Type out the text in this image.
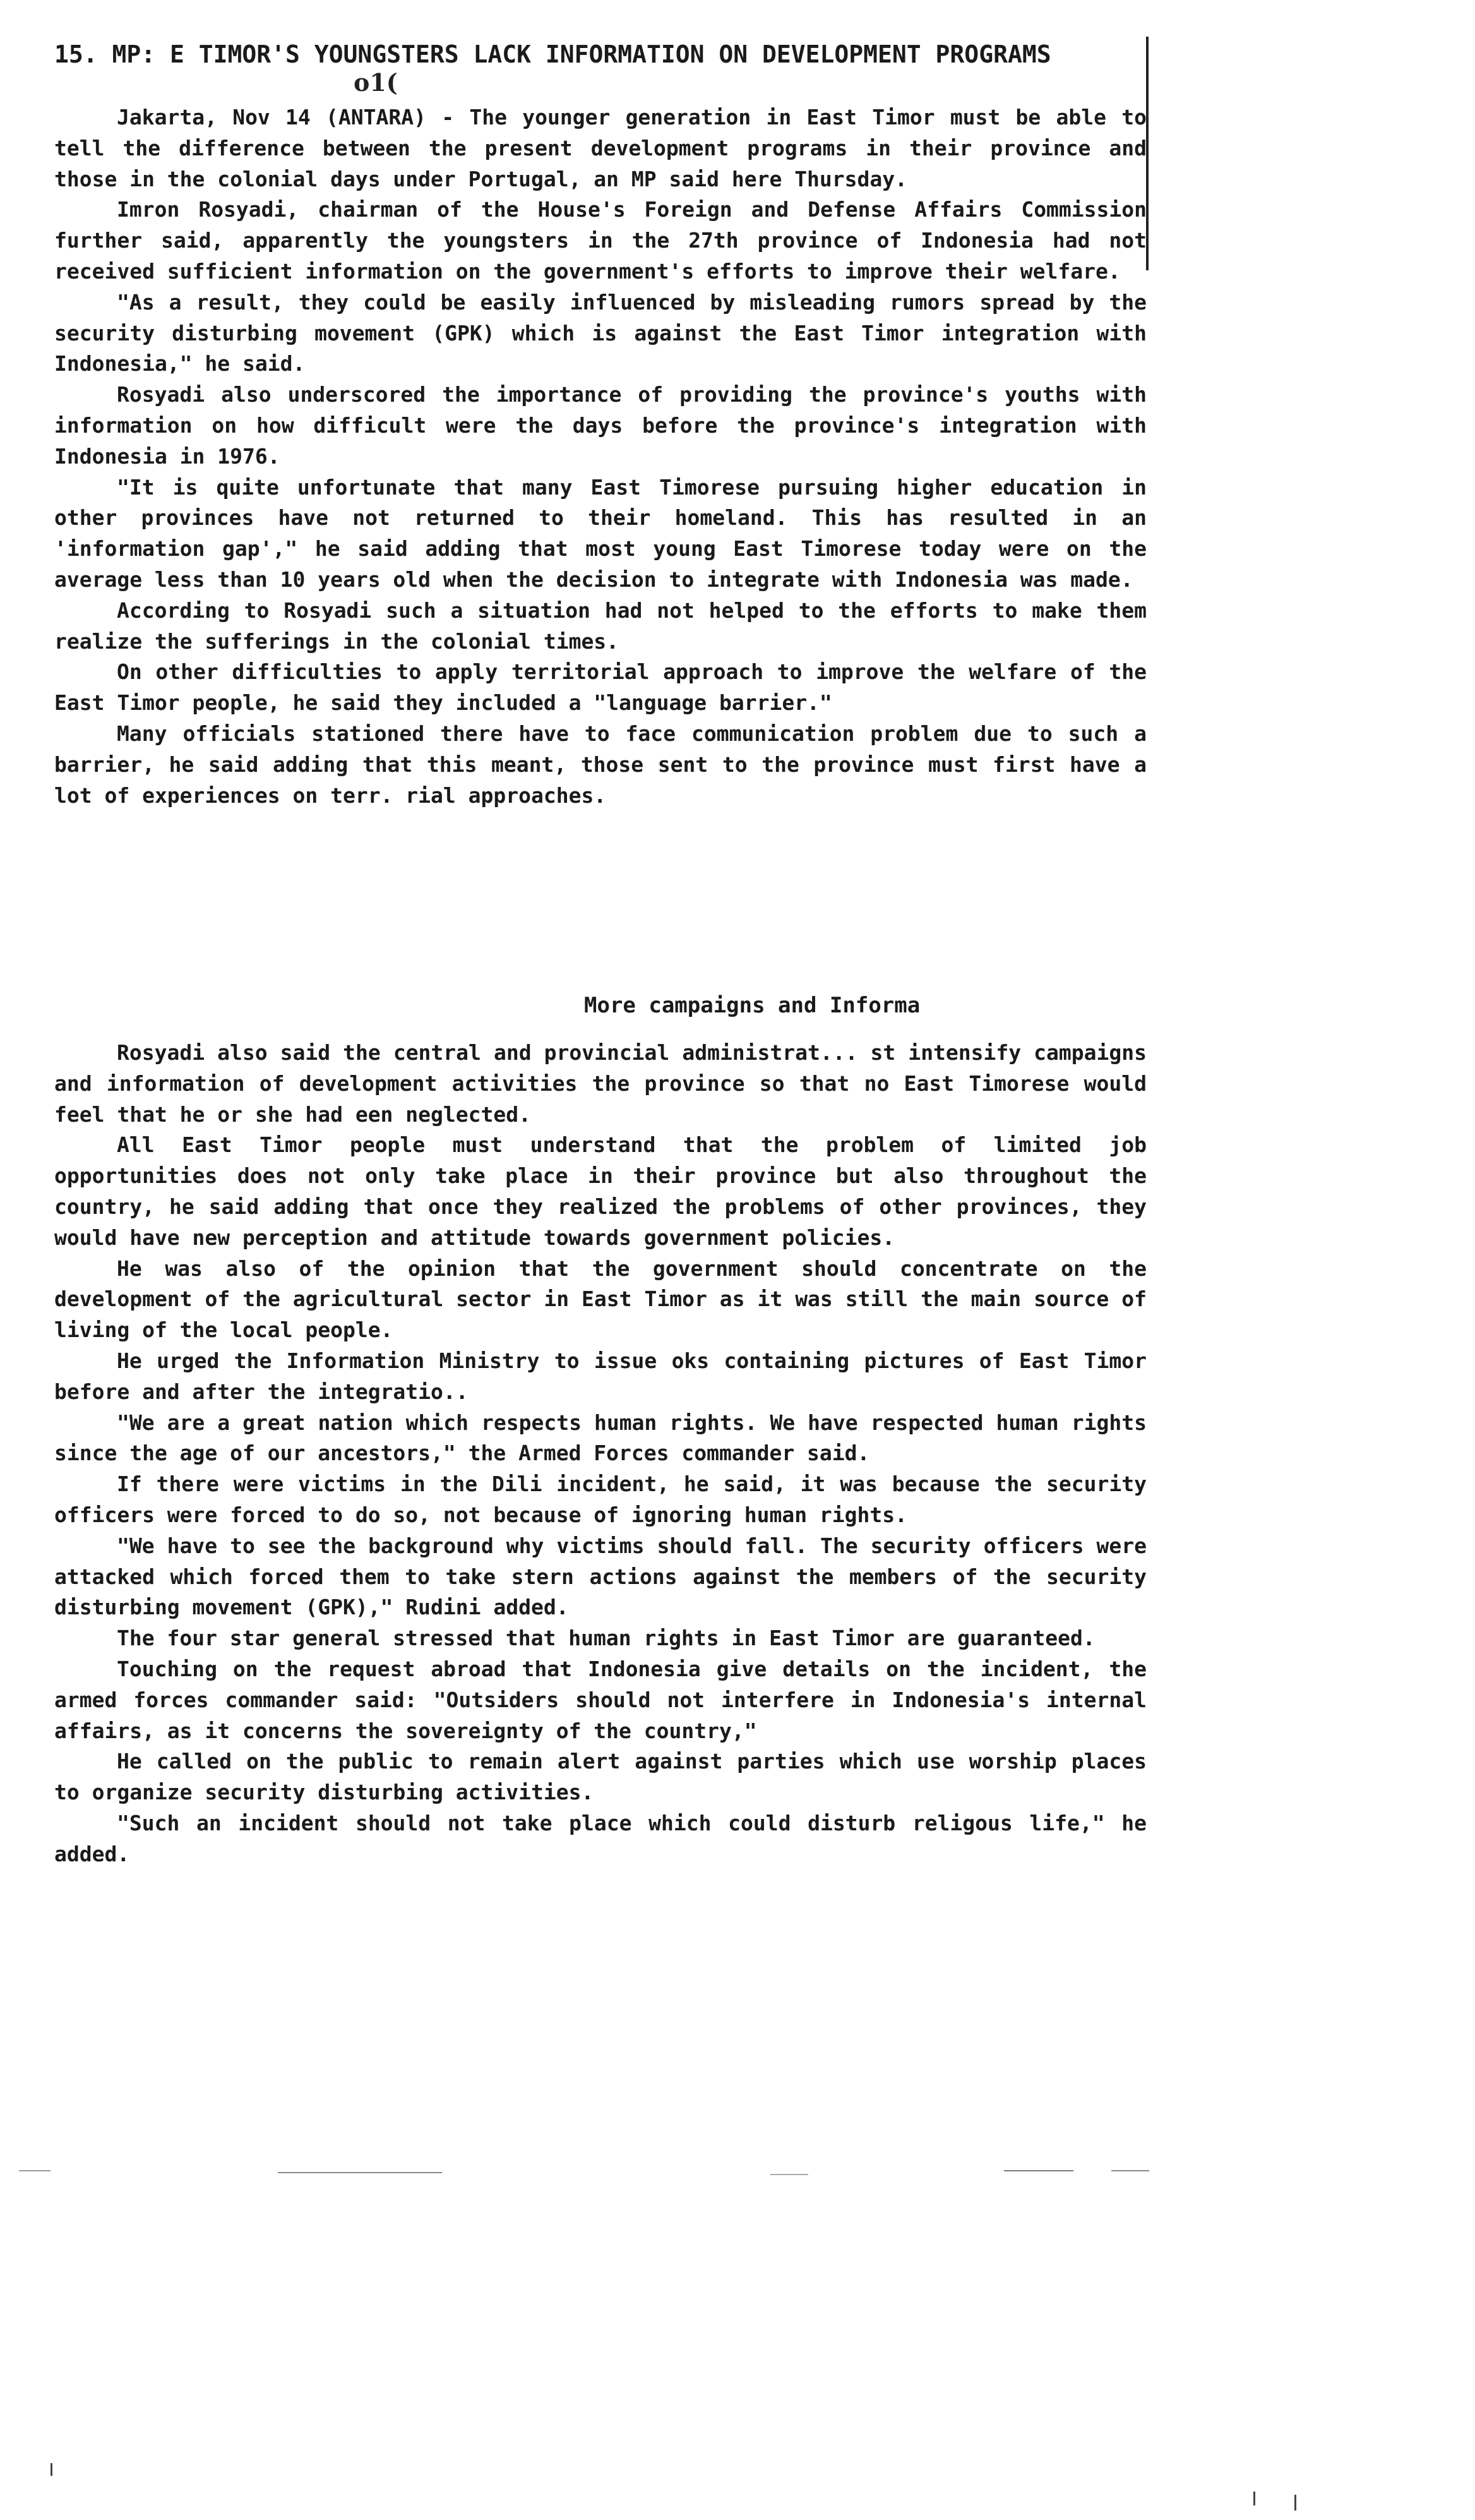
15. MP: E TIMOR'S YOUNGSTERS LACK INFORMATION ON DEVELOPMENT PROGRAMS
o1(

Jakarta, Nov 14 (ANTARA) - The younger generation in East Timor must be able to tell the difference between the present development programs in their province and those in the colonial days under Portugal, an MP said here Thursday.

Imron Rosyadi, chairman of the House's Foreign and Defense Affairs Commission further said, apparently the youngsters in the 27th province of Indonesia had not received sufficient information on the government's efforts to improve their welfare.

"As a result, they could be easily influenced by misleading rumors spread by the security disturbing movement (GPK) which is against the East Timor integration with Indonesia," he said.

Rosyadi also underscored the importance of providing the province's youths with information on how difficult were the days before the province's integration with Indonesia in 1976.

"It is quite unfortunate that many East Timorese pursuing higher education in other provinces have not returned to their homeland. This has resulted in an 'information gap'," he said adding that most young East Timorese today were on the average less than 10 years old when the decision to integrate with Indonesia was made.

According to Rosyadi such a situation had not helped to the efforts to make them realize the sufferings in the colonial times.

On other difficulties to apply territorial approach to improve the welfare of the East Timor people, he said they included a "language barrier."

Many officials stationed there have to face communication problem due to such a barrier, he said adding that this meant, those sent to the province must first have a lot of experiences on terr. rial approaches.

More campaigns and Informa

Rosyadi also said the central and provincial administrat... st intensify campaigns and information of development activities the province so that no East Timorese would feel that he or she had een neglected.

All East Timor people must understand that the problem of limited job opportunities does not only take place in their province but also throughout the country, he said adding that once they realized the problems of other provinces, they would have new perception and attitude towards government policies.

He was also of the opinion that the government should concentrate on the development of the agricultural sector in East Timor as it was still the main source of living of the local people.

He urged the Information Ministry to issue oks containing pictures of East Timor before and after the integratio..

"We are a great nation which respects human rights. We have respected human rights since the age of our ancestors," the Armed Forces commander said.

If there were victims in the Dili incident, he said, it was because the security officers were forced to do so, not because of ignoring human rights.

"We have to see the background why victims should fall. The security officers were attacked which forced them to take stern actions against the members of the security disturbing movement (GPK)," Rudini added.

The four star general stressed that human rights in East Timor are guaranteed.

Touching on the request abroad that Indonesia give details on the incident, the armed forces commander said: "Outsiders should not interfere in Indonesia's internal affairs, as it concerns the sovereignty of the country,"

He called on the public to remain alert against parties which use worship places to organize security disturbing activities.

"Such an incident should not take place which could disturb religous life," he added.
